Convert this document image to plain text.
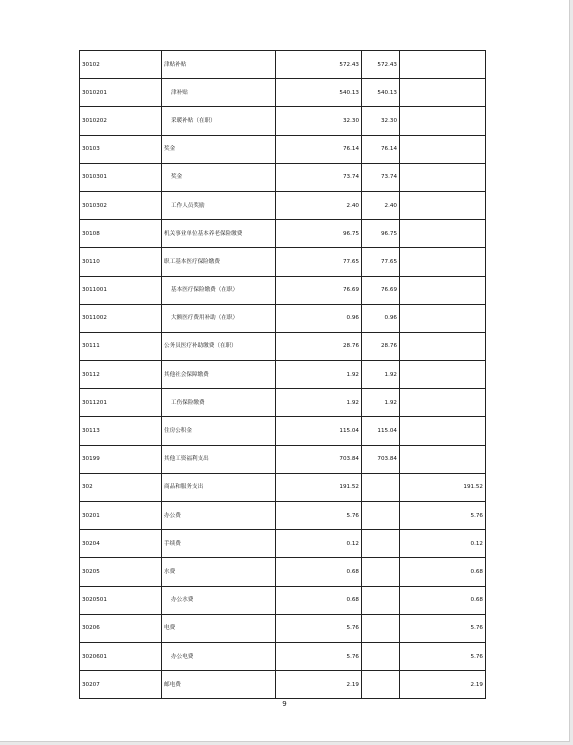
30102	津贴补贴	572.43	572.43	
3010201	津补贴	540.13	540.13	
3010202	采暖补贴（在职）	32.30	32.30	
30103	奖金	76.14	76.14	
3010301	奖金	73.74	73.74	
3010302	工作人员奖励	2.40	2.40	
30108	机关事业单位基本养老保险缴费	96.75	96.75	
30110	职工基本医疗保险缴费	77.65	77.65	
3011001	基本医疗保险缴费（在职）	76.69	76.69	
3011002	大额医疗费用补助（在职）	0.96	0.96	
30111	公务员医疗补助缴费（在职）	28.76	28.76	
30112	其他社会保障缴费	1.92	1.92	
3011201	工伤保险缴费	1.92	1.92	
30113	住房公积金	115.04	115.04	
30199	其他工资福利支出	703.84	703.84	
302	商品和服务支出	191.52		191.52
30201	办公费	5.76		5.76
30204	手续费	0.12		0.12
30205	水费	0.68		0.68
3020501	办公水费	0.68		0.68
30206	电费	5.76		5.76
3020601	办公电费	5.76		5.76
30207	邮电费	2.19		2.19
9
